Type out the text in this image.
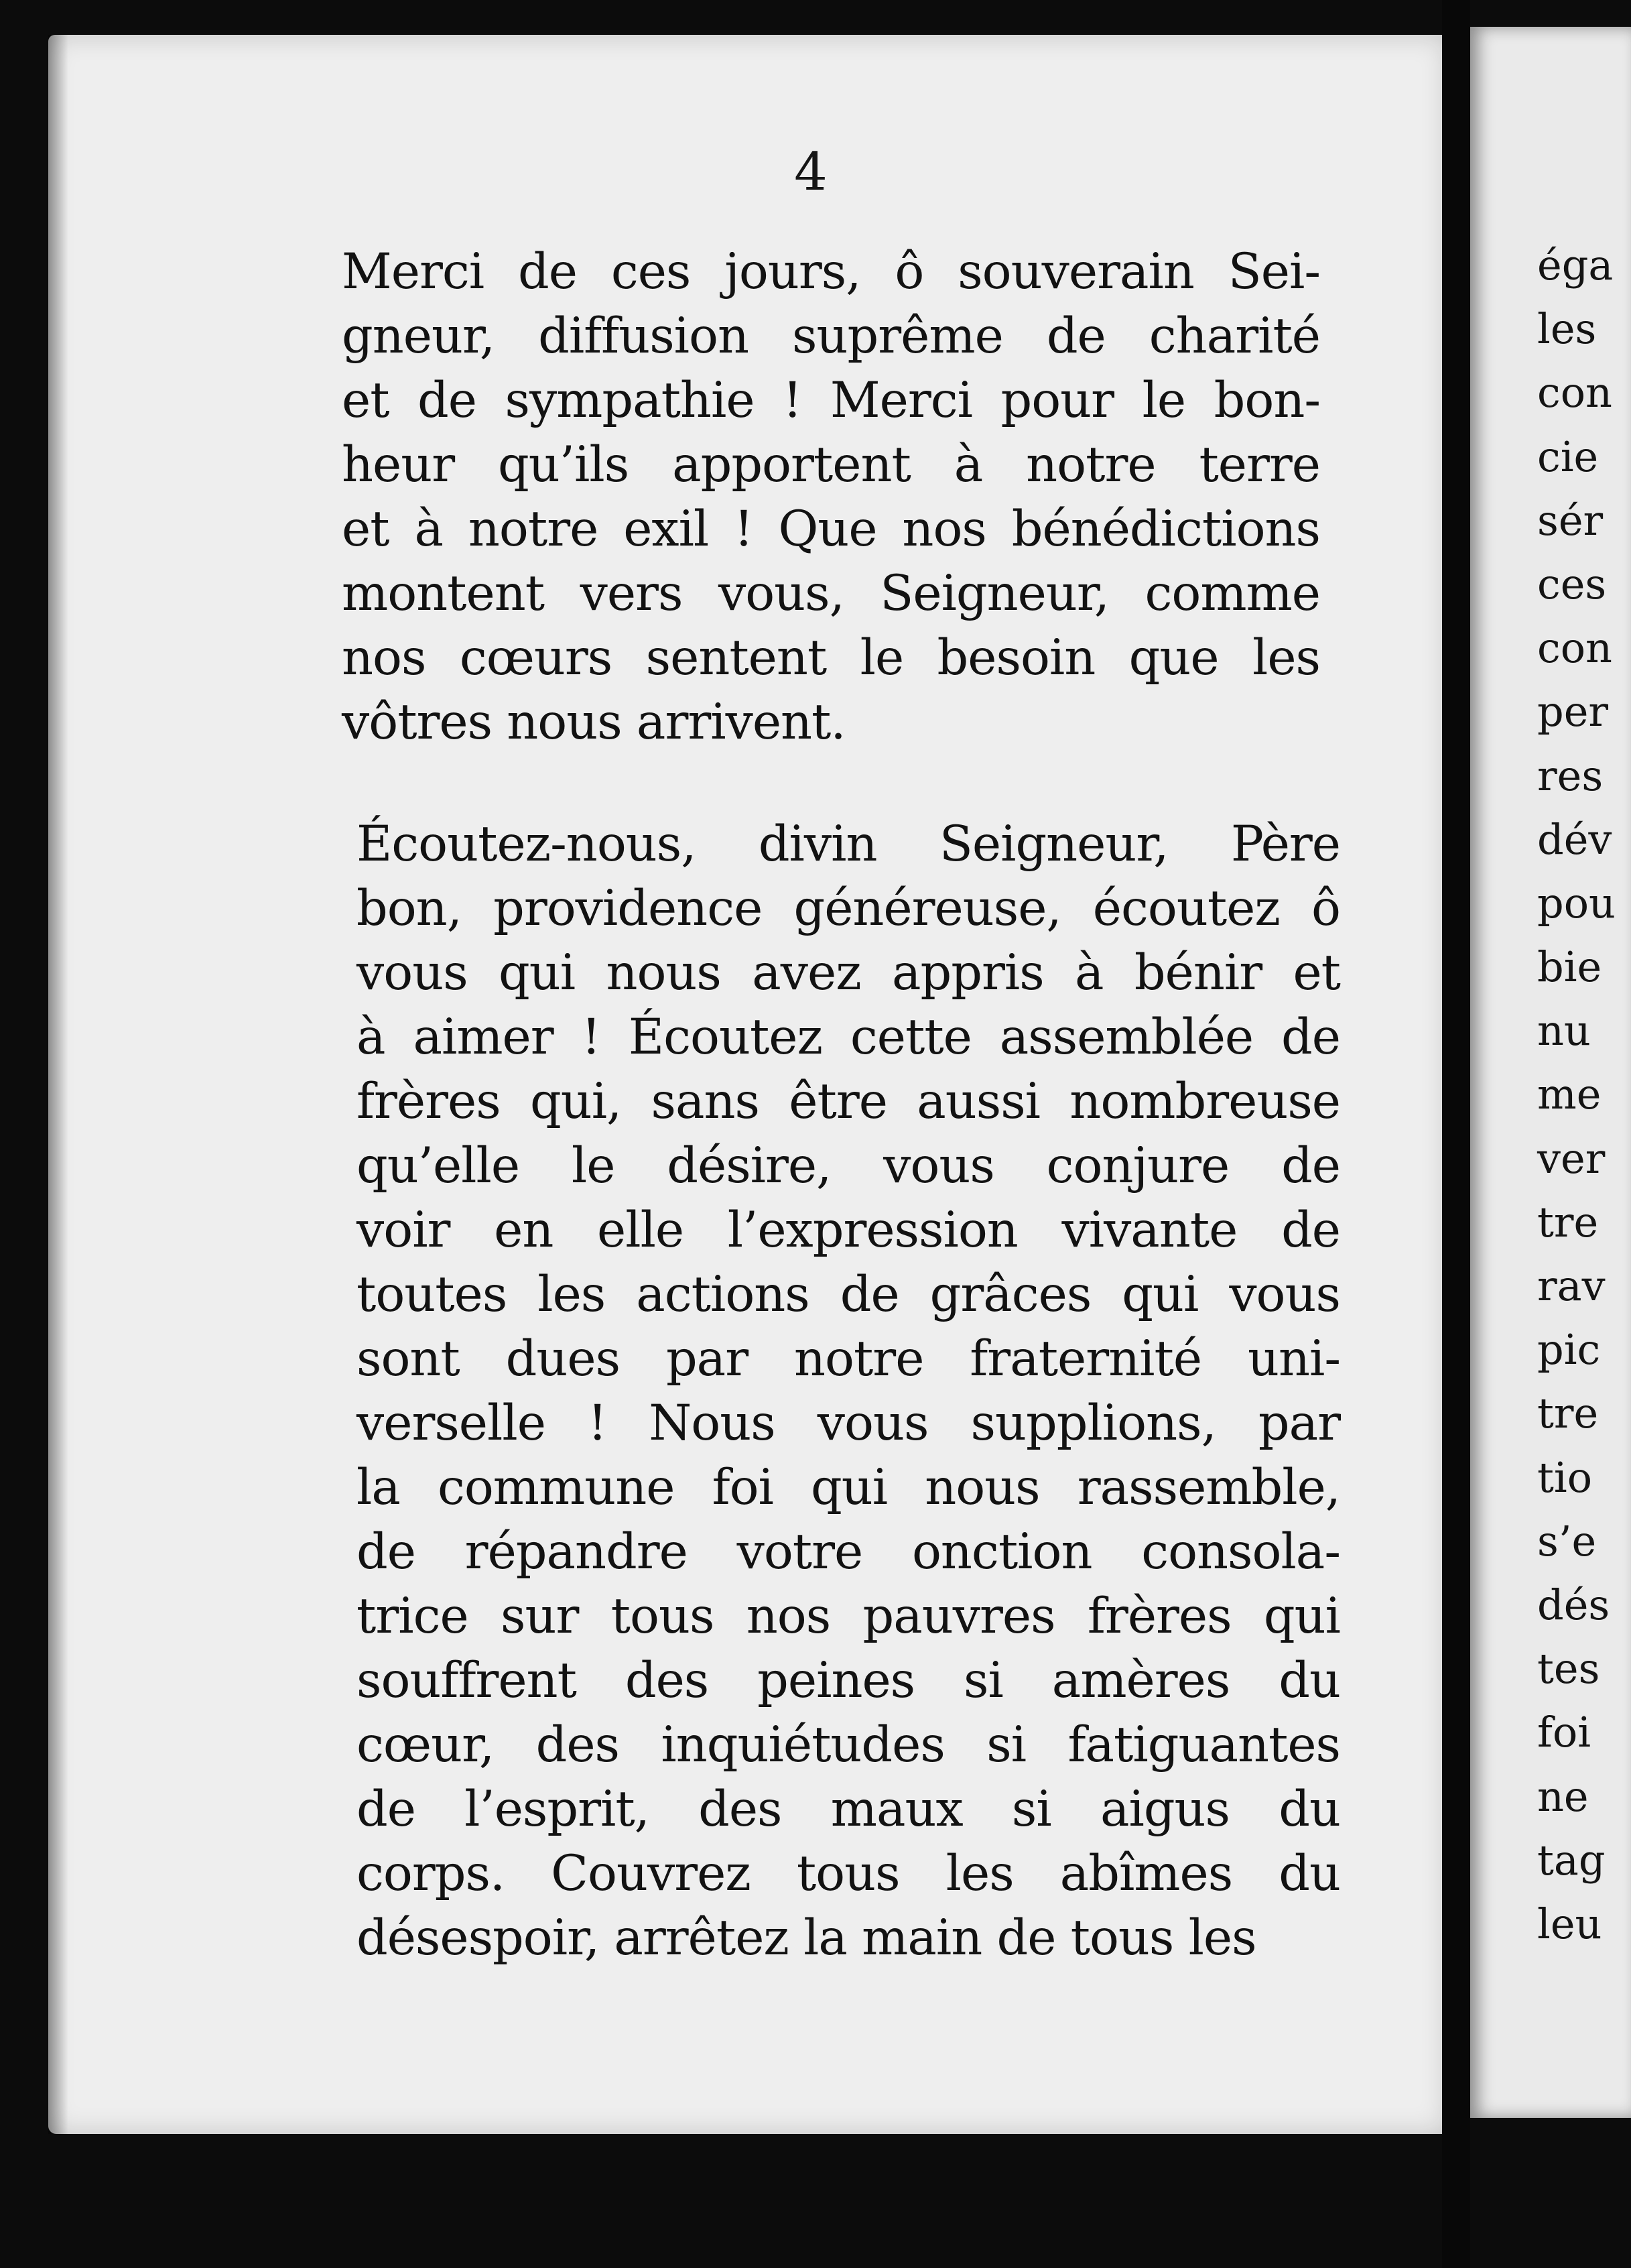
4
Merci de ces jours, ô souverain Sei-
gneur, diffusion suprême de charité
et de sympathie ! Merci pour le bon-
heur qu’ils apportent à notre terre
et à notre exil ! Que nos bénédictions
montent vers vous, Seigneur, comme
nos cœurs sentent le besoin que les
vôtres nous arrivent.
Écoutez-nous, divin Seigneur, Père
bon, providence généreuse, écoutez ô
vous qui nous avez appris à bénir et
à aimer ! Écoutez cette assemblée de
frères qui, sans être aussi nombreuse
qu’elle le désire, vous conjure de
voir en elle l’expression vivante de
toutes les actions de grâces qui vous
sont dues par notre fraternité uni-
verselle ! Nous vous supplions, par
la commune foi qui nous rassemble,
de répandre votre onction consola-
trice sur tous nos pauvres frères qui
souffrent des peines si amères du
cœur, des inquiétudes si fatiguantes
de l’esprit, des maux si aigus du
corps. Couvrez tous les abîmes du
désespoir, arrêtez la main de tous les
éga
les
con
cie
sér
ces
con
per
res
dév
pou
bie
nu
me
ver
tre
rav
pic
tre
tio
s’e
dés
tes
foi
ne
tag
leu
